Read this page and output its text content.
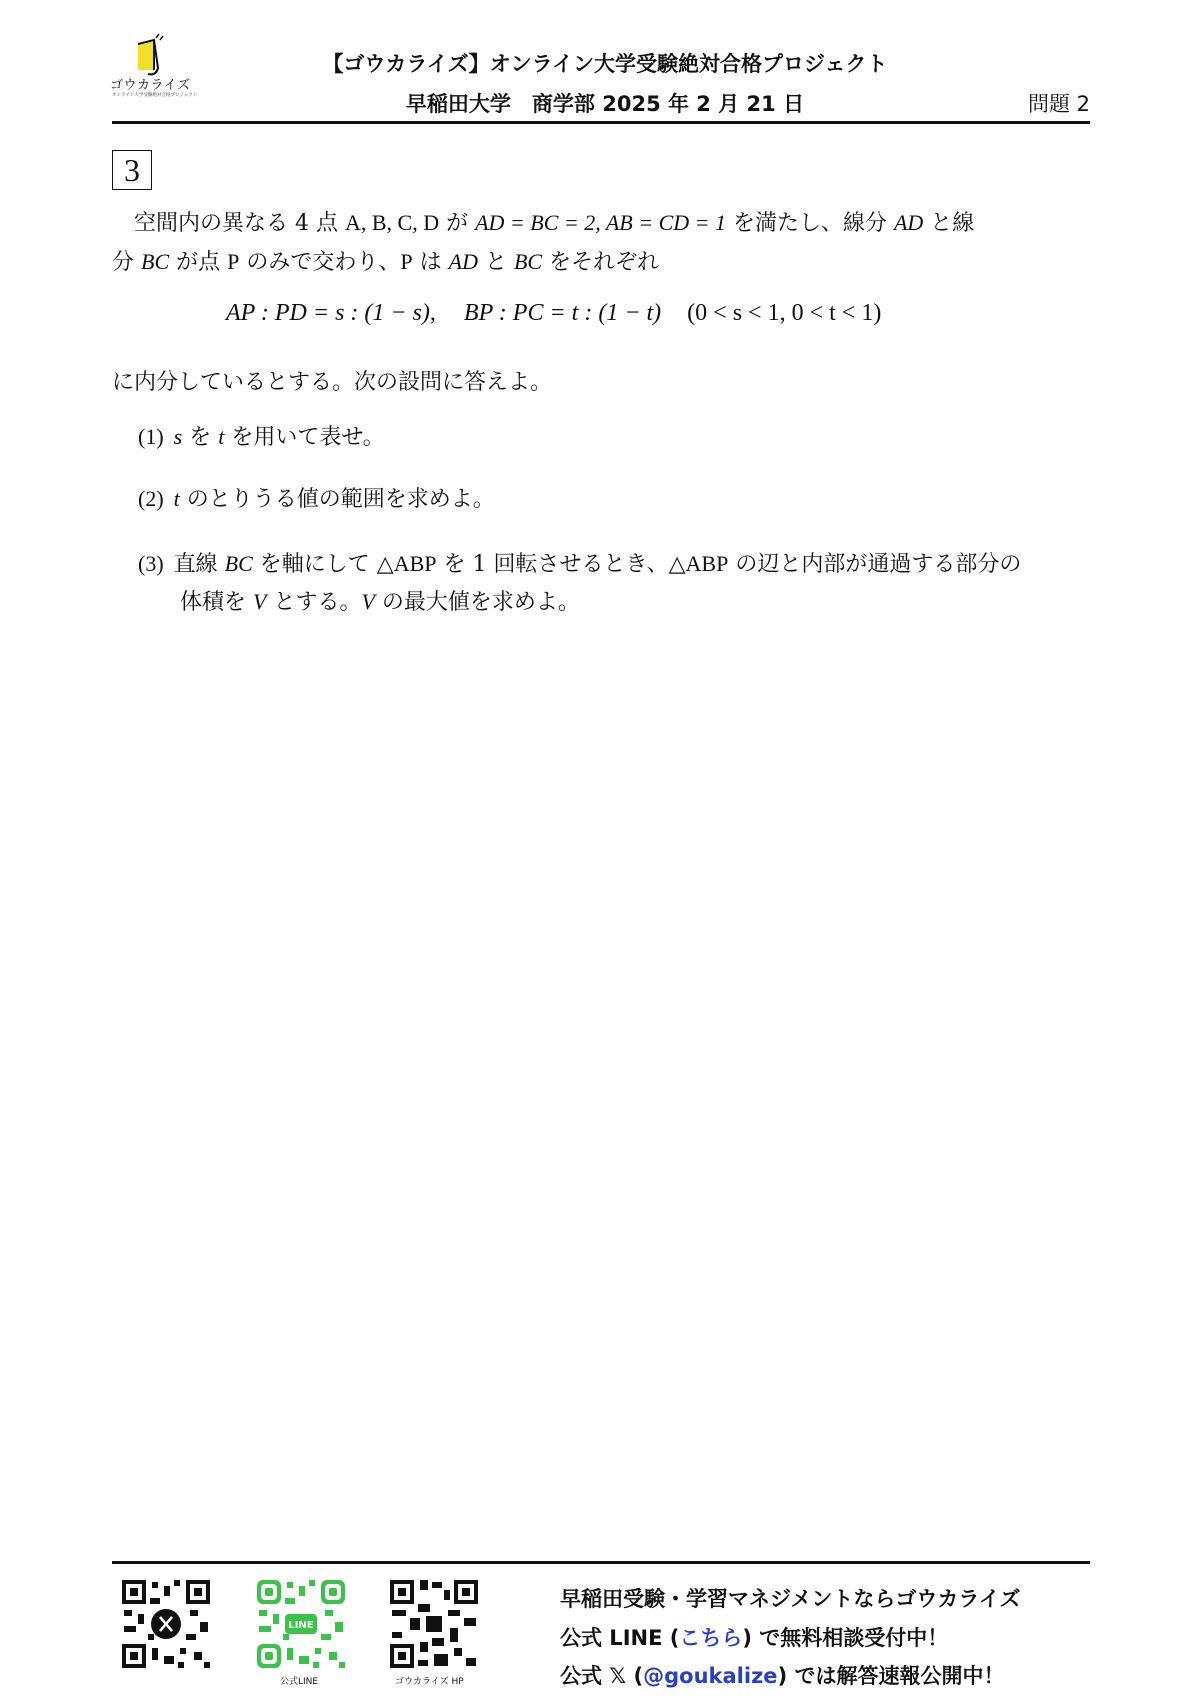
ゴウカライズ
オンライン大学受験絶対合格プロジェクト
【ゴウカライズ】オンライン大学受験絶対合格プロジェクト
早稲田大学　商学部 2025 年 2 月 21 日	問題 2
3
空間内の異なる 4 点 A, B, C, D が AD = BC = 2, AB = CD = 1 を満たし、線分 AD と線
分 BC が点 P のみで交わり、P は AD と BC をそれぞれ
AP : PD = s : (1 − s), BP : PC = t : (1 − t) (0 < s < 1, 0 < t < 1)
に内分しているとする。次の設問に答えよ。
(1) s を t を用いて表せ。
(2) t のとりうる値の範囲を求めよ。
(3) 直線 BC を軸にして △ABP を 1 回転させるとき、△ABP の辺と内部が通過する部分の
体積を V とする。V の最大値を求めよ。
LINE
公式LINE	ゴウカライズ HP
早稲田受験・学習マネジメントならゴウカライズ
公式 LINE (こちら) で無料相談受付中！
公式 𝕏 (@goukalize) では解答速報公開中！
